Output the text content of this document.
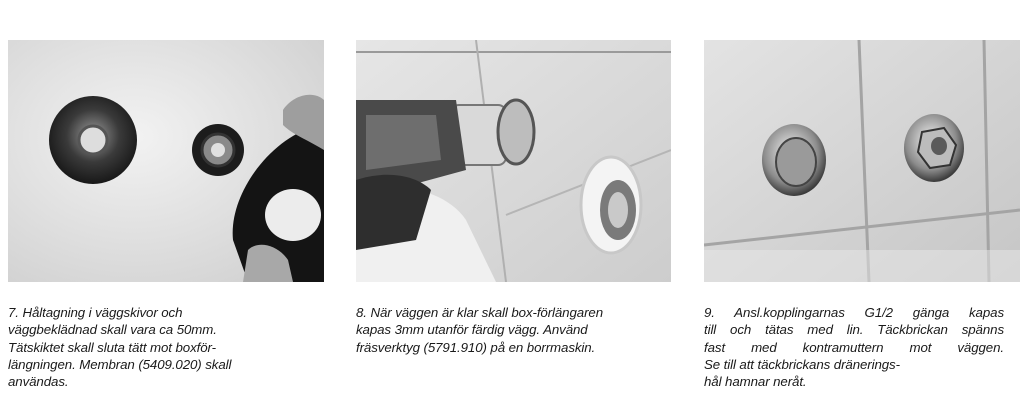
7. Håltagning i väggskivor och
väggbeklädnad skall vara ca 50mm.
Tätskiktet skall sluta tätt mot boxför-
längningen. Membran (5409.020) skall
användas.
8. När väggen är klar skall box-förlängaren
kapas 3mm utanför färdig vägg. Använd
fräsverktyg (5791.910) på en borrmaskin.
9. Ansl.kopplingarnas G1/2 gänga kapas
till och tätas med lin. Täckbrickan spänns
fast med kontramuttern mot väggen.
Se till att täckbrickans dränerings-
hål hamnar neråt.
